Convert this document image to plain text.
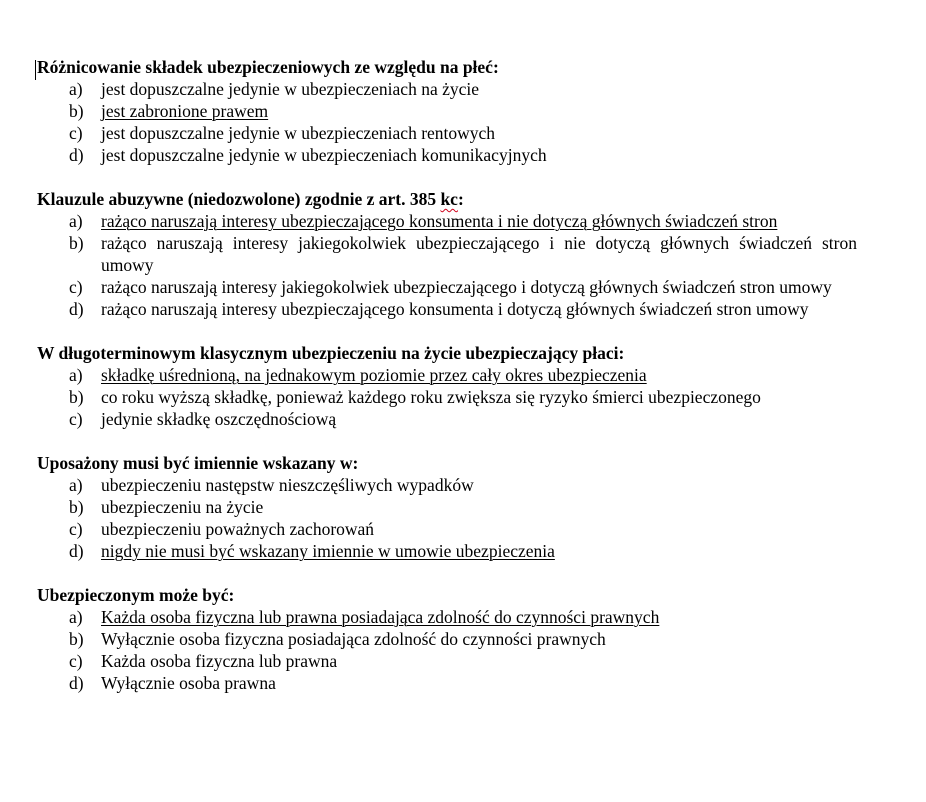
Różnicowanie składek ubezpieczeniowych ze względu na płeć:

a)	jest dopuszczalne jedynie w ubezpieczeniach na życie
b) jest zabronione prawem
c)	jest dopuszczalne jedynie w ubezpieczeniach rentowych
d) jest dopuszczalne jedynie w ubezpieczeniach komunikacyjnych

Klauzule abuzywne (niedozwolone) zgodnie z art. 385 kc:

a)	rażąco naruszają interesy ubezpieczającego konsumenta i nie dotyczą głównych świadczeń stron
b) rażąco naruszają interesy jakiegokolwiek ubezpieczającego i nie dotyczą głównych świadczeń stron umowy
c)	rażąco naruszają interesy jakiegokolwiek ubezpieczającego i dotyczą głównych świadczeń stron umowy
d) rażąco naruszają interesy ubezpieczającego konsumenta i dotyczą głównych świadczeń stron umowy

W długoterminowym klasycznym ubezpieczeniu na życie ubezpieczający płaci:

a)	składkę uśrednioną, na jednakowym poziomie przez cały okres ubezpieczenia
b) co roku wyższą składkę, ponieważ każdego roku zwiększa się ryzyko śmierci ubezpieczonego
c)	jedynie składkę oszczędnościową

Uposażony musi być imiennie wskazany w:

a)	ubezpieczeniu następstw nieszczęśliwych wypadków
b) ubezpieczeniu na życie
c)	ubezpieczeniu poważnych zachorowań
d) nigdy nie musi być wskazany imiennie w umowie ubezpieczenia

Ubezpieczonym może być:

a)	Każda osoba fizyczna lub prawna posiadająca zdolność do czynności prawnych
b) Wyłącznie osoba fizyczna posiadająca zdolność do czynności prawnych
c)	Każda osoba fizyczna lub prawna
d) Wyłącznie osoba prawna
